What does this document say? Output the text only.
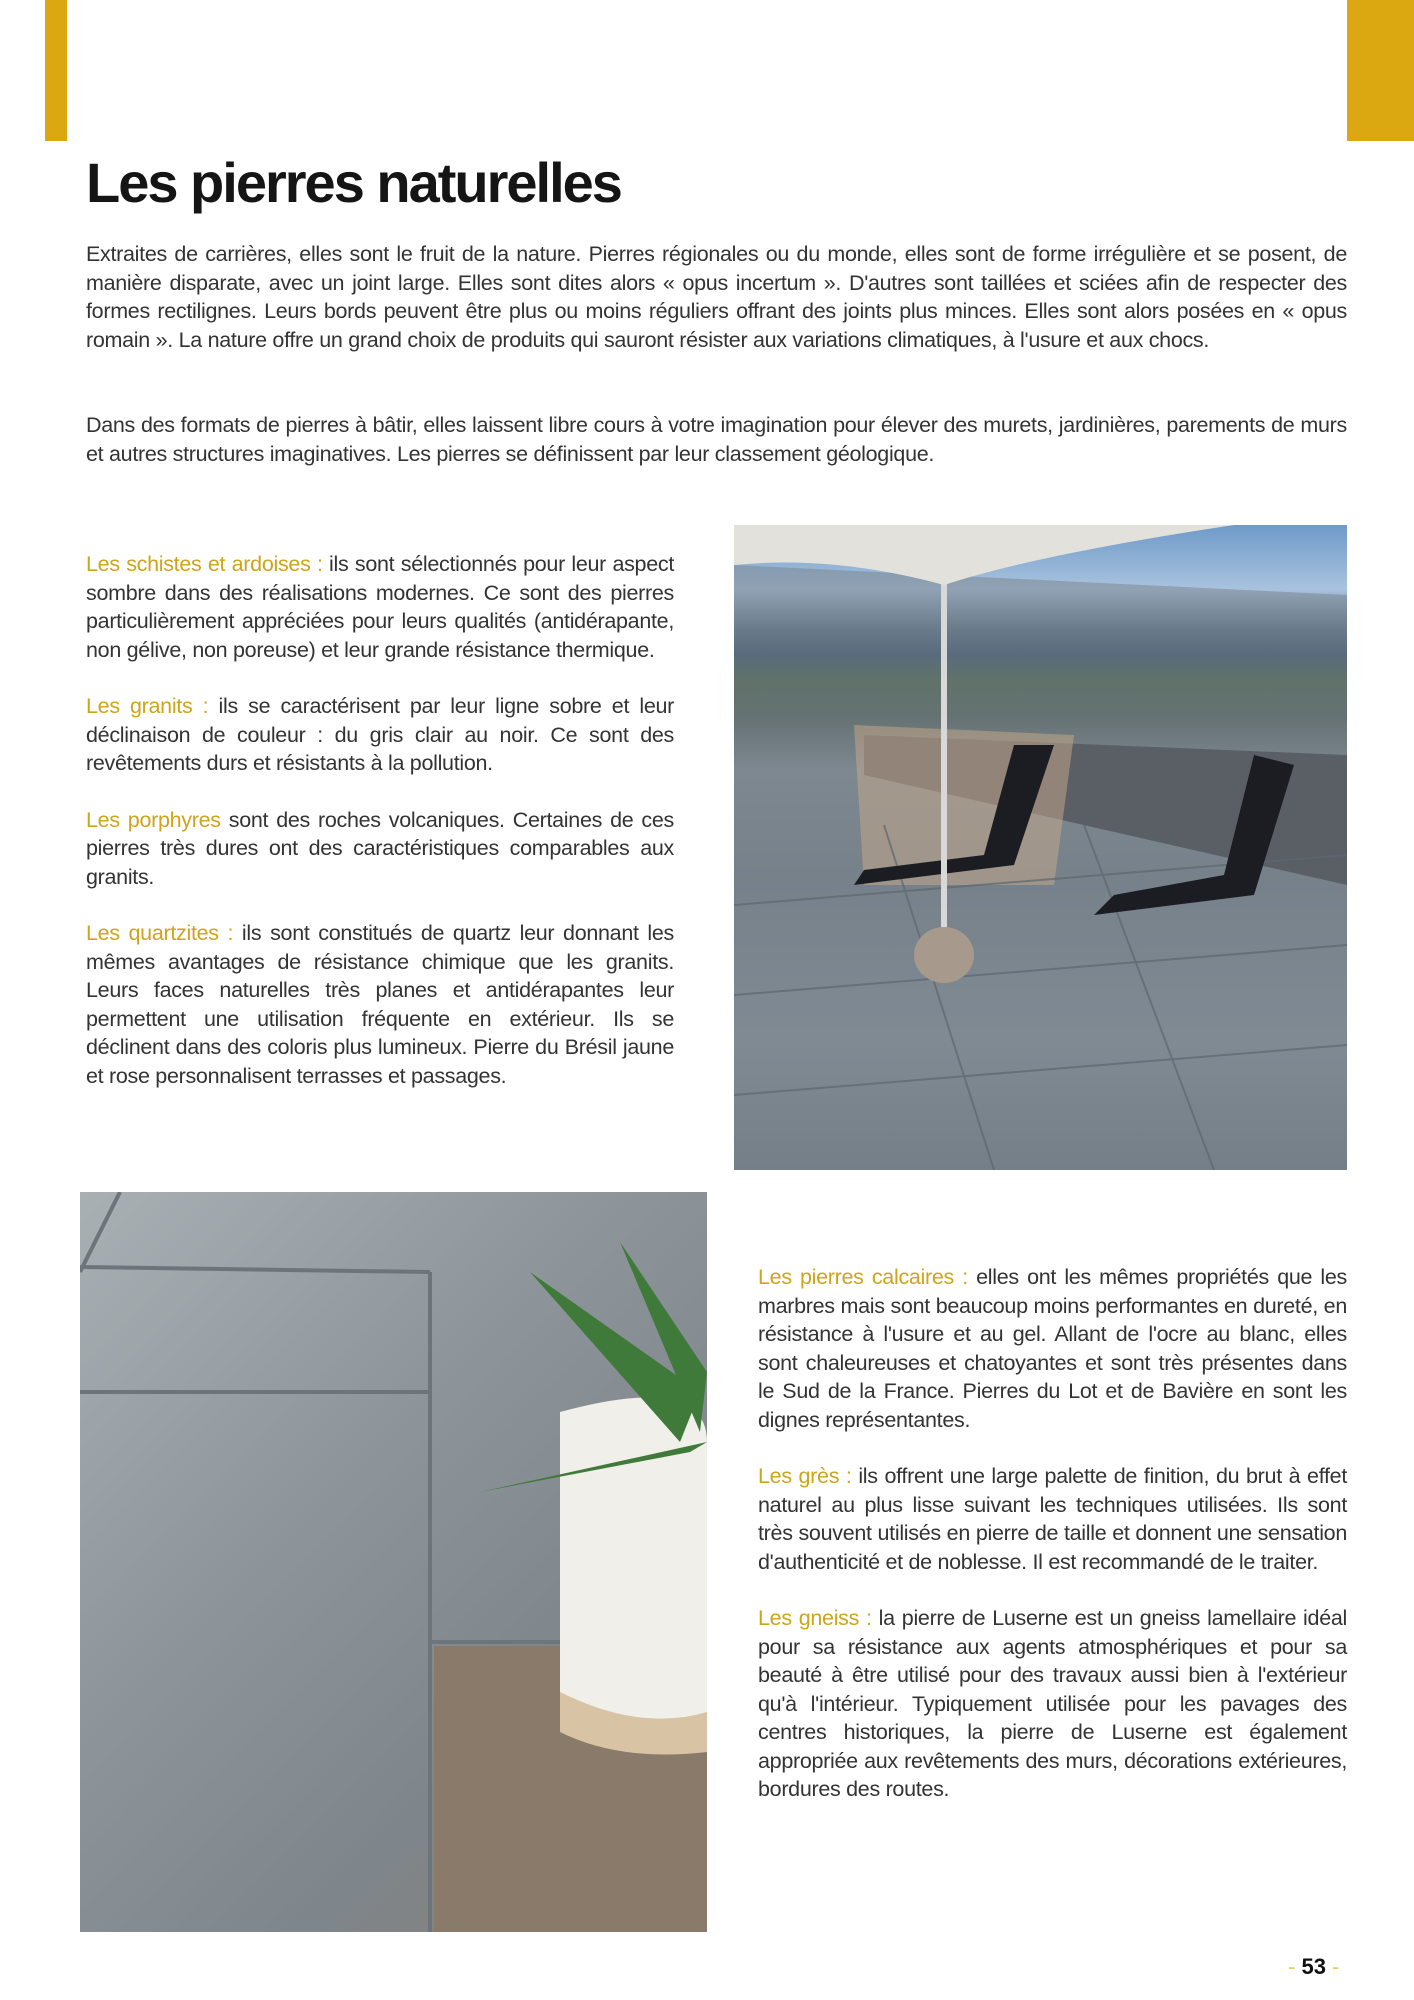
Les pierres naturelles

Extraites de carrières, elles sont le fruit de la nature. Pierres régionales ou du monde, elles sont de forme irrégulière et se posent, de manière disparate, avec un joint large. Elles sont dites alors « opus incertum ». D'autres sont taillées et sciées afin de respecter des formes rectilignes. Leurs bords peuvent être plus ou moins réguliers offrant des joints plus minces. Elles sont alors posées en « opus romain ». La nature offre un grand choix de produits qui sauront résister aux variations climatiques, à l'usure et aux chocs.

Dans des formats de pierres à bâtir, elles laissent libre cours à votre imagination pour élever des murets, jardinières, parements de murs et autres structures imaginatives. Les pierres se définissent par leur classement géologique.

Les schistes et ardoises : ils sont sélectionnés pour leur aspect sombre dans des réalisations modernes. Ce sont des pierres particulièrement appréciées pour leurs qualités (antidérapante, non gélive, non poreuse) et leur grande résistance thermique.

Les granits : ils se caractérisent par leur ligne sobre et leur déclinaison de couleur : du gris clair au noir. Ce sont des revêtements durs et résistants à la pollution.

Les porphyres sont des roches volcaniques. Certaines de ces pierres très dures ont des caractéristiques comparables aux granits.

Les quartzites : ils sont constitués de quartz leur donnant les mêmes avantages de résistance chimique que les granits. Leurs faces naturelles très planes et antidérapantes leur permettent une utilisation fréquente en extérieur. Ils se déclinent dans des coloris plus lumineux. Pierre du Brésil jaune et rose personnalisent terrasses et passages.

Les pierres calcaires : elles ont les mêmes propriétés que les marbres mais sont beaucoup moins performantes en dureté, en résistance à l'usure et au gel. Allant de l'ocre au blanc, elles sont chaleureuses et chatoyantes et sont très présentes dans le Sud de la France. Pierres du Lot et de Bavière en sont les dignes représentantes.

Les grès : ils offrent une large palette de finition, du brut à effet naturel au plus lisse suivant les techniques utilisées. Ils sont très souvent utilisés en pierre de taille et donnent une sensation d'authenticité et de noblesse. Il est recommandé de le traiter.

Les gneiss : la pierre de Luserne est un gneiss lamellaire idéal pour sa résistance aux agents atmosphériques et pour sa beauté à être utilisé pour des travaux aussi bien à l'extérieur qu'à l'intérieur. Typiquement utilisée pour les pavages des centres historiques, la pierre de Luserne est également appropriée aux revêtements des murs, décorations extérieures, bordures des routes.

- 53 -
